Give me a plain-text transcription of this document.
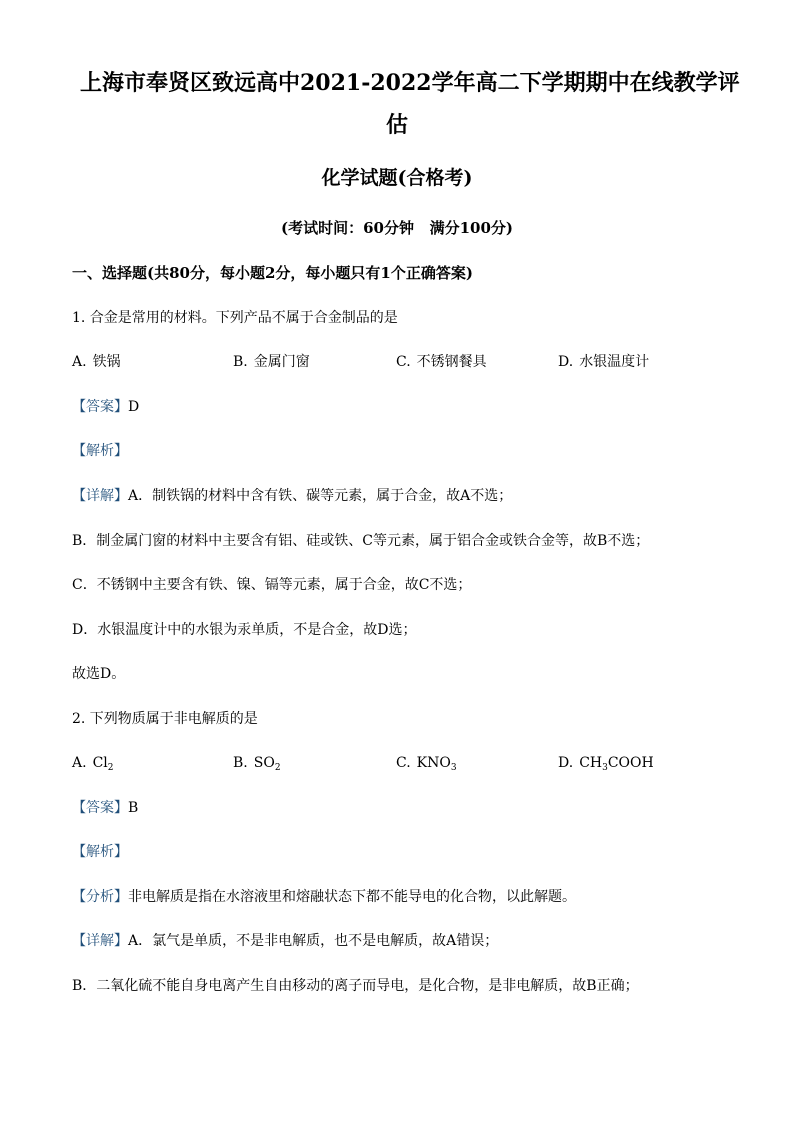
上海市奉贤区致远高中2021-2022学年高二下学期期中在线教学评
估
化学试题(合格考)
(考试时间：60分钟   满分100分)
一、选择题(共80分，每小题2分，每小题只有1个正确答案)
1. 合金是常用的材料。下列产品不属于合金制品的是
A. 铁锅	B. 金属门窗	C. 不锈钢餐具	D. 水银温度计
【答案】D
【解析】
【详解】A．制铁锅的材料中含有铁、碳等元素，属于合金，故A不选；
B．制金属门窗的材料中主要含有铝、硅或铁、C等元素，属于铝合金或铁合金等，故B不选；
C．不锈钢中主要含有铁、镍、镉等元素，属于合金，故C不选；
D．水银温度计中的水银为汞单质，不是合金，故D选；
故选D。
2. 下列物质属于非电解质的是
A. $Cl_2$	B. $SO_2$	C. $KNO_3$	D. $CH_3COOH$
【答案】B
【解析】
【分析】非电解质是指在水溶液里和熔融状态下都不能导电的化合物，以此解题。
【详解】A．氯气是单质，不是非电解质，也不是电解质，故A错误；
B．二氧化硫不能自身电离产生自由移动的离子而导电，是化合物，是非电解质，故B正确；
